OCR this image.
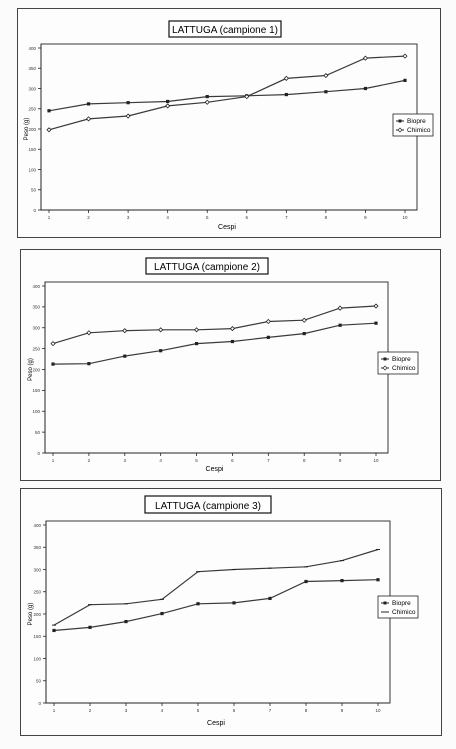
LATTUGA (campione 1)
0
50
100
150
200
250
300
350
400
1	2	3	4	5	6	7	8	9	10
Cespi
Peso (g)	Biopre
Chimico
LATTUGA (campione 2)
0
50
100
150
200
250
300
350
400
1	2	3	4	5	6	7	8	9	10
Cespi
Peso (g)	Biopre
Chimico
LATTUGA (campione 3)
0
50
100
150
200
250
300
350
400
1	2	3	4	5	6	7	8	9	10
Cespi
Peso (g)	Biopre
Chimico
